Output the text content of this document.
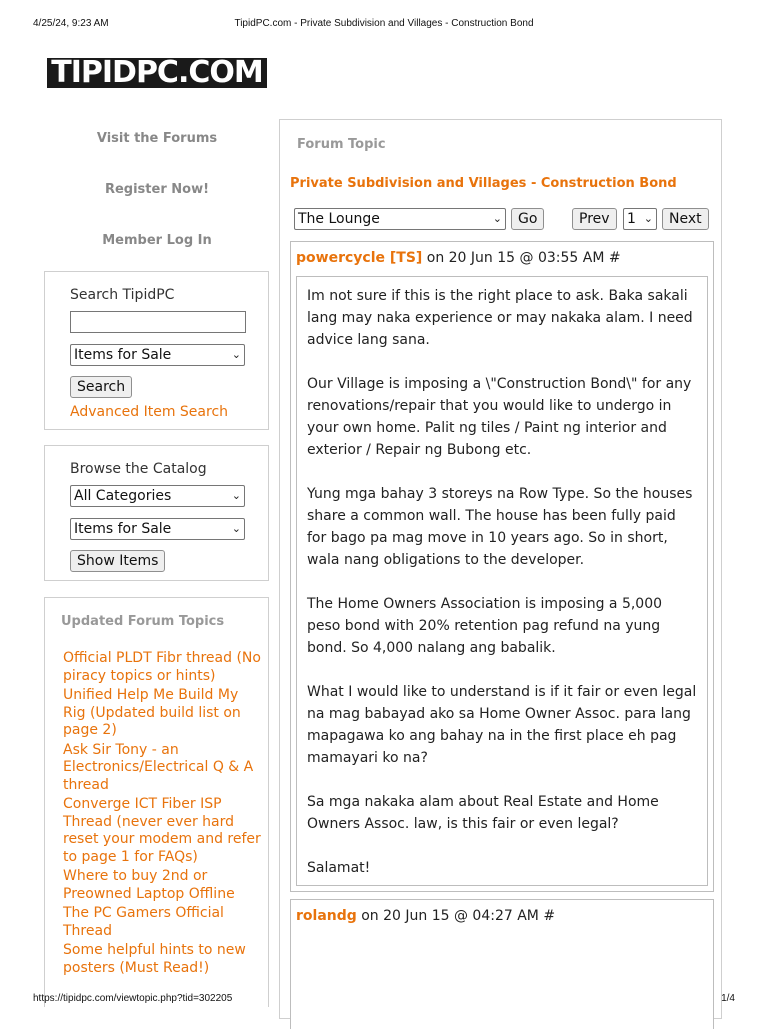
4/25/24, 9:23 AM	TipidPC.com - Private Subdivision and Villages - Construction Bond
TIPIDPC.COM
Visit the Forums
Register Now!
Member Log In
Search TipidPC
Items for Sale	⌄
Search
Advanced Item Search
Browse the Catalog
All Categories	⌄
Items for Sale	⌄
Show Items
Updated Forum Topics
Official PLDT Fibr thread (No piracy topics or hints)
Unified Help Me Build My Rig (Updated build list on page 2)
Ask Sir Tony - an Electronics/Electrical Q & A thread
Converge ICT Fiber ISP Thread (never ever hard reset your modem and refer to page 1 for FAQs)
Where to buy 2nd or Preowned Laptop Offline
The PC Gamers Official Thread
Some helpful hints to new posters (Must Read!)
Forum Topic
Private Subdivision and Villages - Construction Bond
The Lounge	⌄	Go	Prev	1 ⌄	Next
powercycle [TS] on 20 Jun 15 @ 03:55 AM #

Im not sure if this is the right place to ask. Baka sakali lang may naka experience or may nakaka alam. I need advice lang sana.

Our Village is imposing a \"Construction Bond\" for any renovations/repair that you would like to undergo in your own home. Palit ng tiles / Paint ng interior and exterior / Repair ng Bubong etc.

Yung mga bahay 3 storeys na Row Type. So the houses share a common wall. The house has been fully paid for bago pa mag move in 10 years ago. So in short, wala nang obligations to the developer.

The Home Owners Association is imposing a 5,000 peso bond with 20% retention pag refund na yung bond. So 4,000 nalang ang babalik.

What I would like to understand is if it fair or even legal na mag babayad ako sa Home Owner Assoc. para lang mapagawa ko ang bahay na in the first place eh pag mamayari ko na?

Sa mga nakaka alam about Real Estate and Home Owners Assoc. law, is this fair or even legal?

Salamat!

rolandg on 20 Jun 15 @ 04:27 AM #
https://tipidpc.com/viewtopic.php?tid=302205	1/4
